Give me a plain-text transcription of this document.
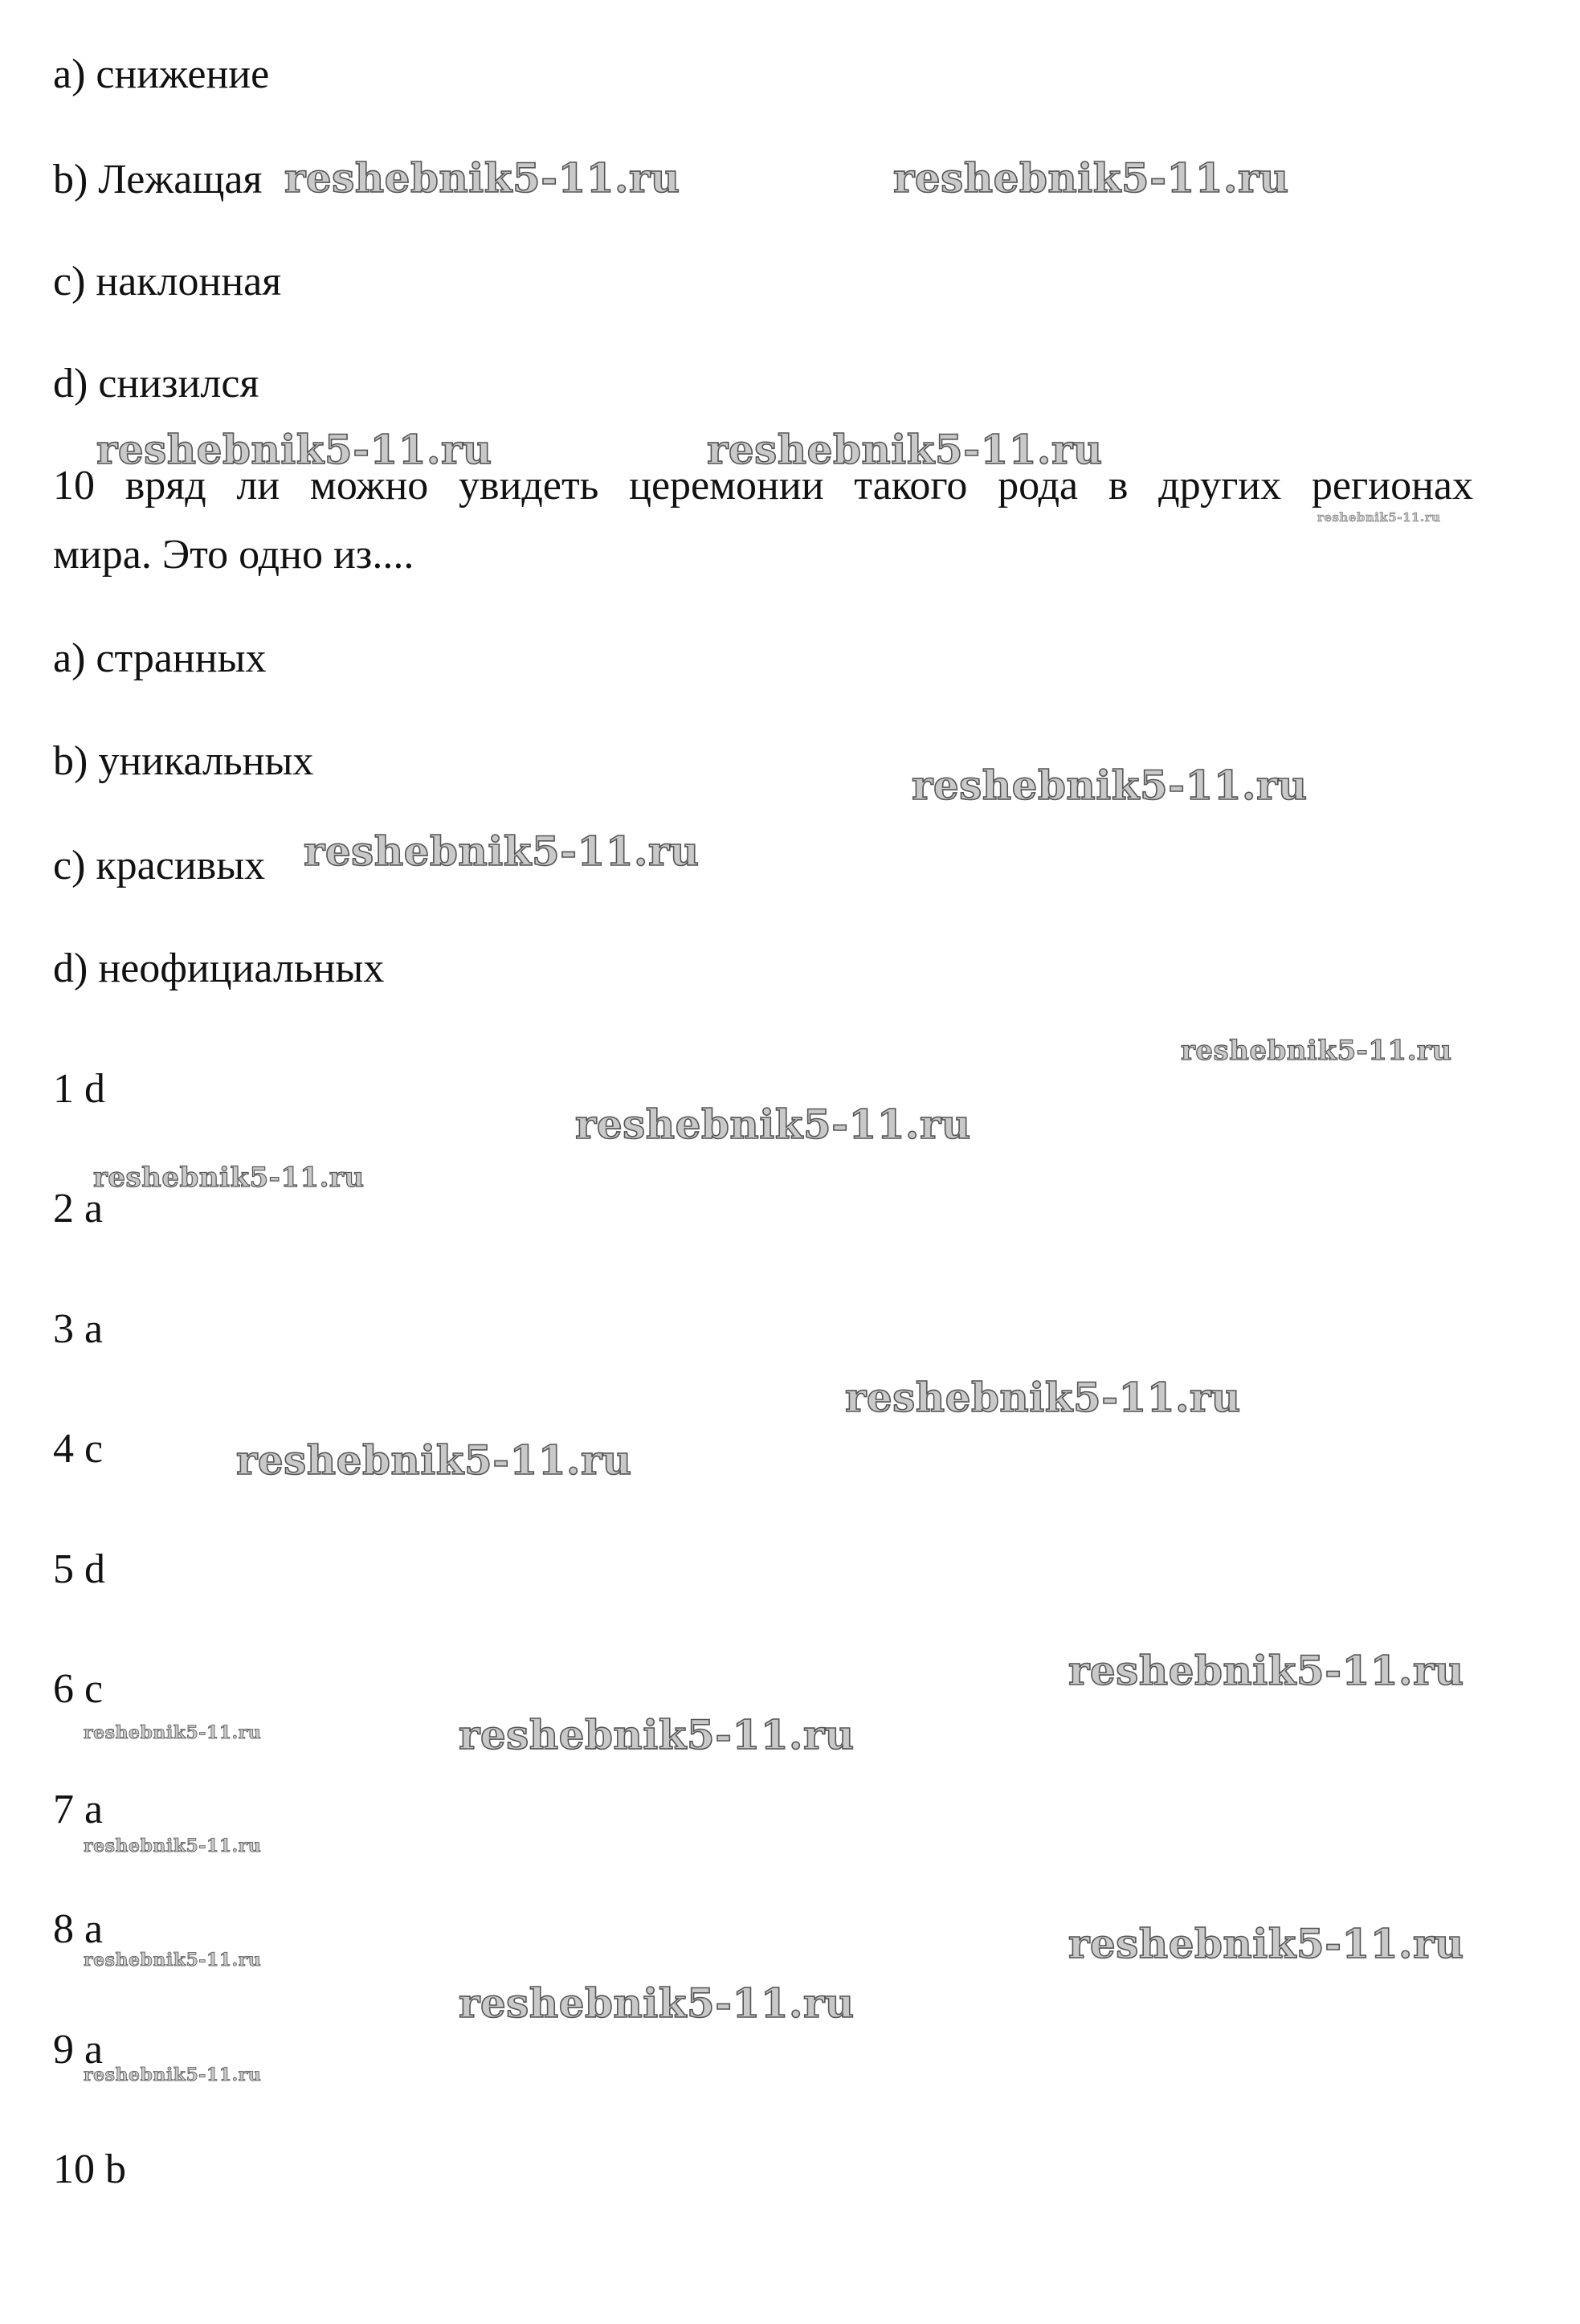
a) снижение
b) Лежащая
c) наклонная
d) снизился
10 вряд ли можно увидеть церемонии такого рода в других регионах
мира. Это одно из....
a) странных
b) уникальных
c) красивых
d) неофициальных
1 d
2 a
3 a
4 c
5 d
6 c
7 a
8 a
9 a
10 b
reshebnik5-11.ru	reshebnik5-11.ru
reshebnik5-11.ru	reshebnik5-11.ru
reshebnik5-11.ru
reshebnik5-11.ru
reshebnik5-11.ru
reshebnik5-11.ru
reshebnik5-11.ru
reshebnik5-11.ru
reshebnik5-11.ru
reshebnik5-11.ru
reshebnik5-11.ru
reshebnik5-11.ru
reshebnik5-11.ru
reshebnik5-11.ru
reshebnik5-11.ru	reshebnik5-11.ru
reshebnik5-11.ru
reshebnik5-11.ru
